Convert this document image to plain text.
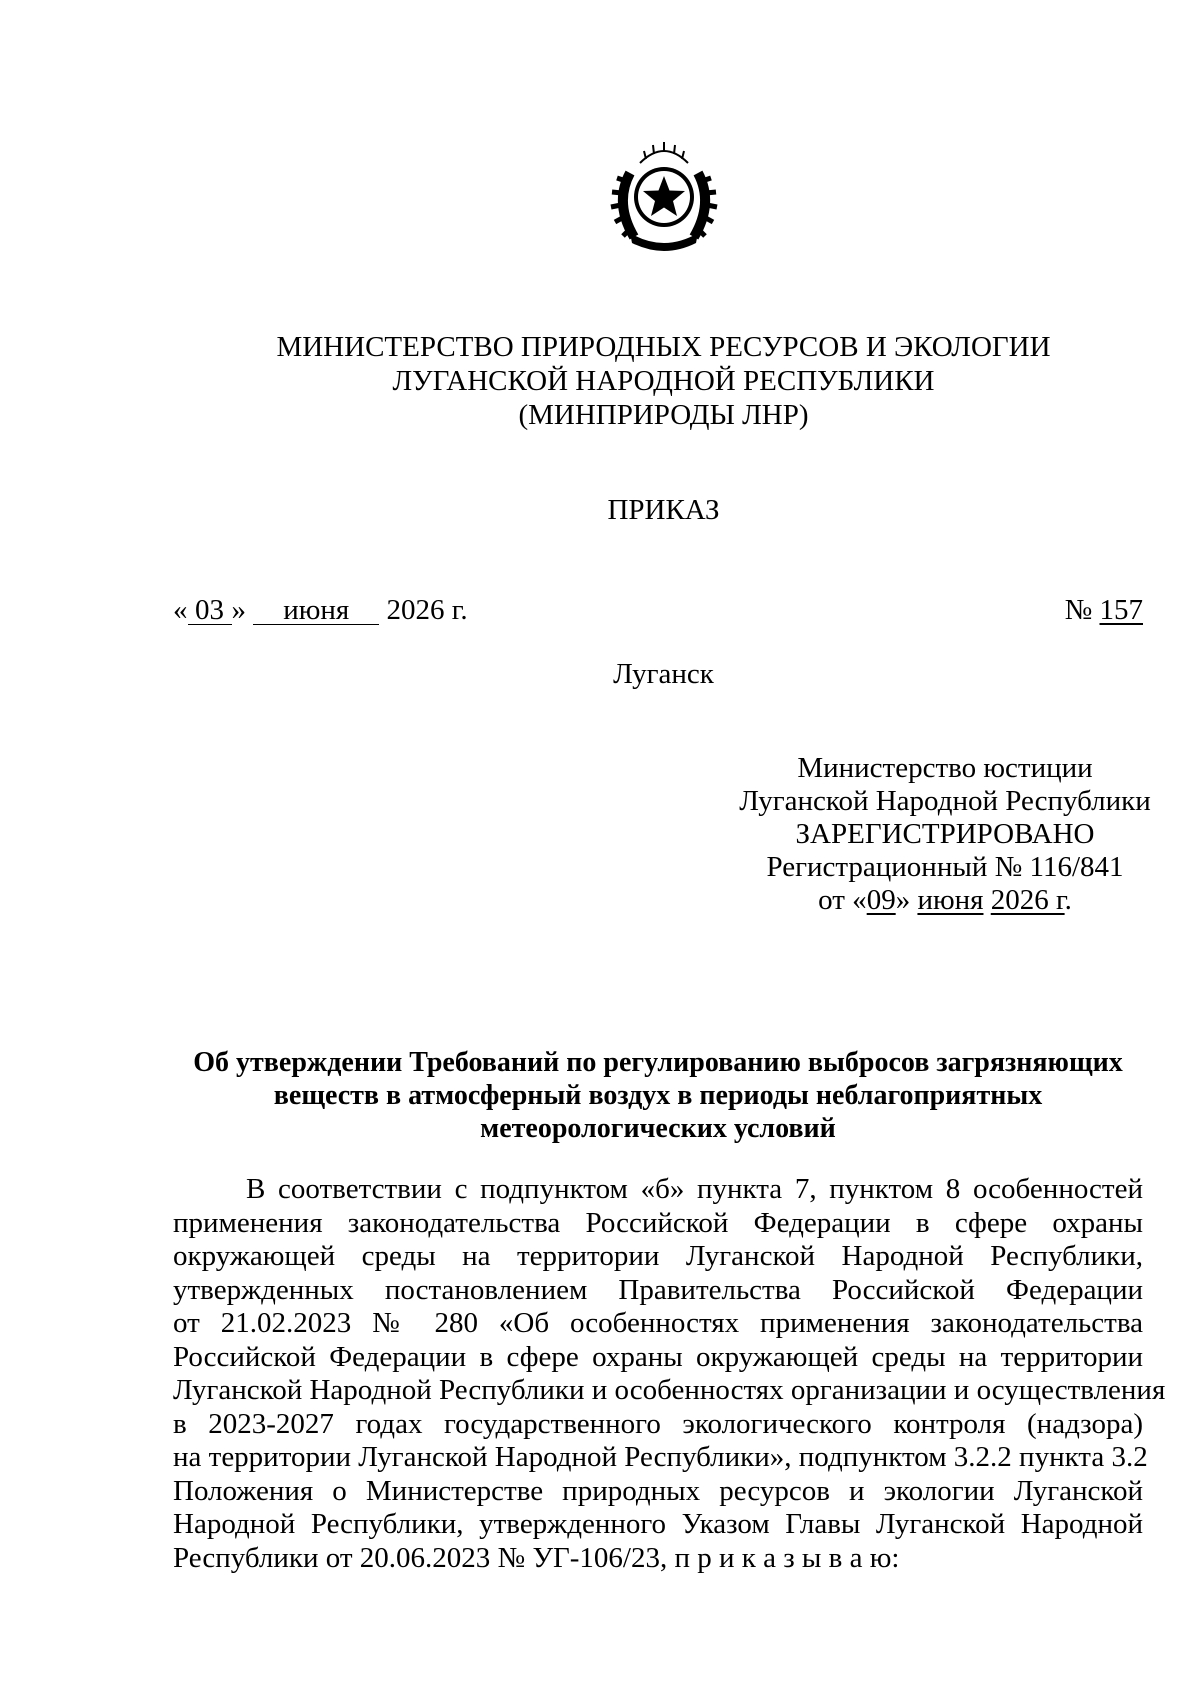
МИНИСТЕРСТВО ПРИРОДНЫХ РЕСУРСОВ И ЭКОЛОГИИ
ЛУГАНСКОЙ НАРОДНОЙ РЕСПУБЛИКИ
(МИНПРИРОДЫ ЛНР)
ПРИКАЗ
« 03 » июня 2026 г.	№ 157
Луганск
Министерство юстиции
Луганской Народной Республики
ЗАРЕГИСТРИРОВАНО
Регистрационный № 116/841
от «09» июня 2026 г.
Об утверждении Требований по регулированию выбросов загрязняющих
веществ в атмосферный воздух в периоды неблагоприятных
метеорологических условий
В соответствии с подпунктом «б» пункта 7, пунктом 8 особенностей
применения законодательства Российской Федерации в сфере охраны
окружающей среды на территории Луганской Народной Республики,
утвержденных постановлением Правительства Российской Федерации
от 21.02.2023 № 280 «Об особенностях применения законодательства
Российской Федерации в сфере охраны окружающей среды на территории
Луганской Народной Республики и особенностях организации и осуществления
в 2023-2027 годах государственного экологического контроля (надзора)
на территории Луганской Народной Республики», подпунктом 3.2.2 пункта 3.2
Положения о Министерстве природных ресурсов и экологии Луганской
Народной Республики, утвержденного Указом Главы Луганской Народной
Республики от 20.06.2023 № УГ-106/23, п р и к а з ы в а ю:
